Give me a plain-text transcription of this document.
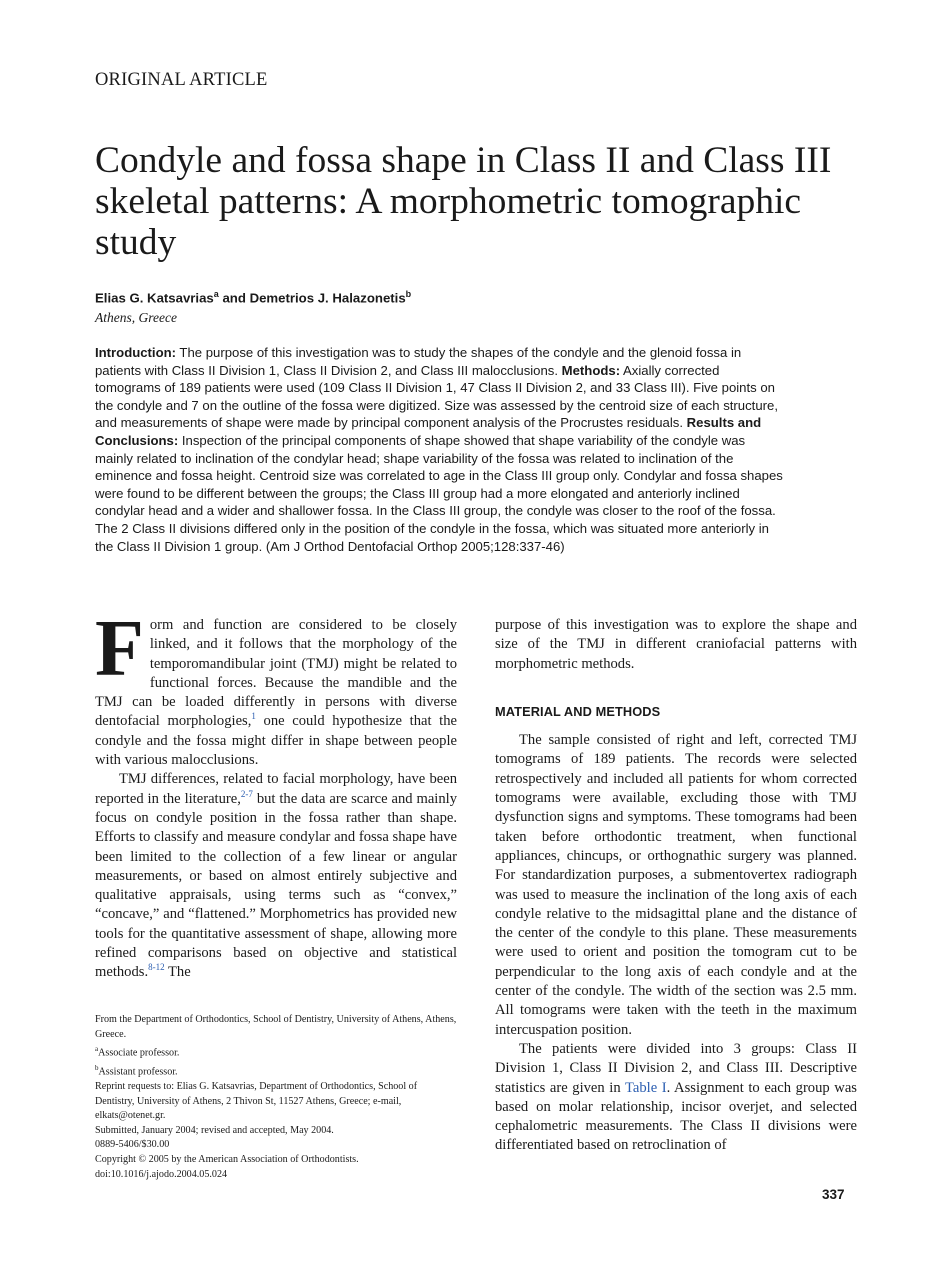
ORIGINAL ARTICLE
Condyle and fossa shape in Class II and Class III skeletal patterns: A morphometric tomographic study
Elias G. Katsavrias$^a$ and Demetrios J. Halazonetis$^b$
Athens, Greece

Introduction: The purpose of this investigation was to study the shapes of the condyle and the glenoid fossa in patients with Class II Division 1, Class II Division 2, and Class III malocclusions. Methods: Axially corrected tomograms of 189 patients were used (109 Class II Division 1, 47 Class II Division 2, and 33 Class III). Five points on the condyle and 7 on the outline of the fossa were digitized. Size was assessed by the centroid size of each structure, and measurements of shape were made by principal component analysis of the Procrustes residuals. Results and Conclusions: Inspection of the principal components of shape showed that shape variability of the condyle was mainly related to inclination of the condylar head; shape variability of the fossa was related to inclination of the eminence and fossa height. Centroid size was correlated to age in the Class III group only. Condylar and fossa shapes were found to be different between the groups; the Class III group had a more elongated and anteriorly inclined condylar head and a wider and shallower fossa. In the Class III group, the condyle was closer to the roof of the fossa. The 2 Class II divisions differed only in the position of the condyle in the fossa, which was situated more anteriorly in the Class II Division 1 group. (Am J Orthod Dentofacial Orthop 2005;128:337-46)

Form and function are considered to be closely linked, and it follows that the morphology of the temporomandibular joint (TMJ) might be related to functional forces. Because the mandible and the TMJ can be loaded differently in persons with diverse dentofacial morphologies,$^1$ one could hypothesize that the condyle and the fossa might differ in shape between people with various malocclusions.

TMJ differences, related to facial morphology, have been reported in the literature,$^{2-7}$ but the data are scarce and mainly focus on condyle position in the fossa rather than shape. Efforts to classify and measure condylar and fossa shape have been limited to the collection of a few linear or angular measurements, or based on almost entirely subjective and qualitative appraisals, using terms such as “convex,” “concave,” and “flattened.” Morphometrics has provided new tools for the quantitative assessment of shape, allowing more refined comparisons based on objective and statistical methods.$^{8-12}$ The

From the Department of Orthodontics, School of Dentistry, University of Athens, Athens, Greece.
$^a$Associate professor.
$^b$Assistant professor.
Reprint requests to: Elias G. Katsavrias, Department of Orthodontics, School of Dentistry, University of Athens, 2 Thivon St, 11527 Athens, Greece; e-mail, elkats@otenet.gr.
Submitted, January 2004; revised and accepted, May 2004.
0889-5406/$30.00
Copyright © 2005 by the American Association of Orthodontists.
doi:10.1016/j.ajodo.2004.05.024

purpose of this investigation was to explore the shape and size of the TMJ in different craniofacial patterns with morphometric methods.

MATERIAL AND METHODS

The sample consisted of right and left, corrected TMJ tomograms of 189 patients. The records were selected retrospectively and included all patients for whom corrected tomograms were available, excluding those with TMJ dysfunction signs and symptoms. These tomograms had been taken before orthodontic treatment, when functional appliances, chincups, or orthognathic surgery was planned. For standardization purposes, a submentovertex radiograph was used to measure the inclination of the long axis of each condyle relative to the midsagittal plane and the distance of the center of the condyle to this plane. These measurements were used to orient and position the tomogram cut to be perpendicular to the long axis of each condyle and at the center of the condyle. The width of the section was 2.5 mm. All tomograms were taken with the teeth in the maximum intercuspation position.

The patients were divided into 3 groups: Class II Division 1, Class II Division 2, and Class III. Descriptive statistics are given in Table I. Assignment to each group was based on molar relationship, incisor overjet, and selected cephalometric measurements. The Class II divisions were differentiated based on retroclination of

337
